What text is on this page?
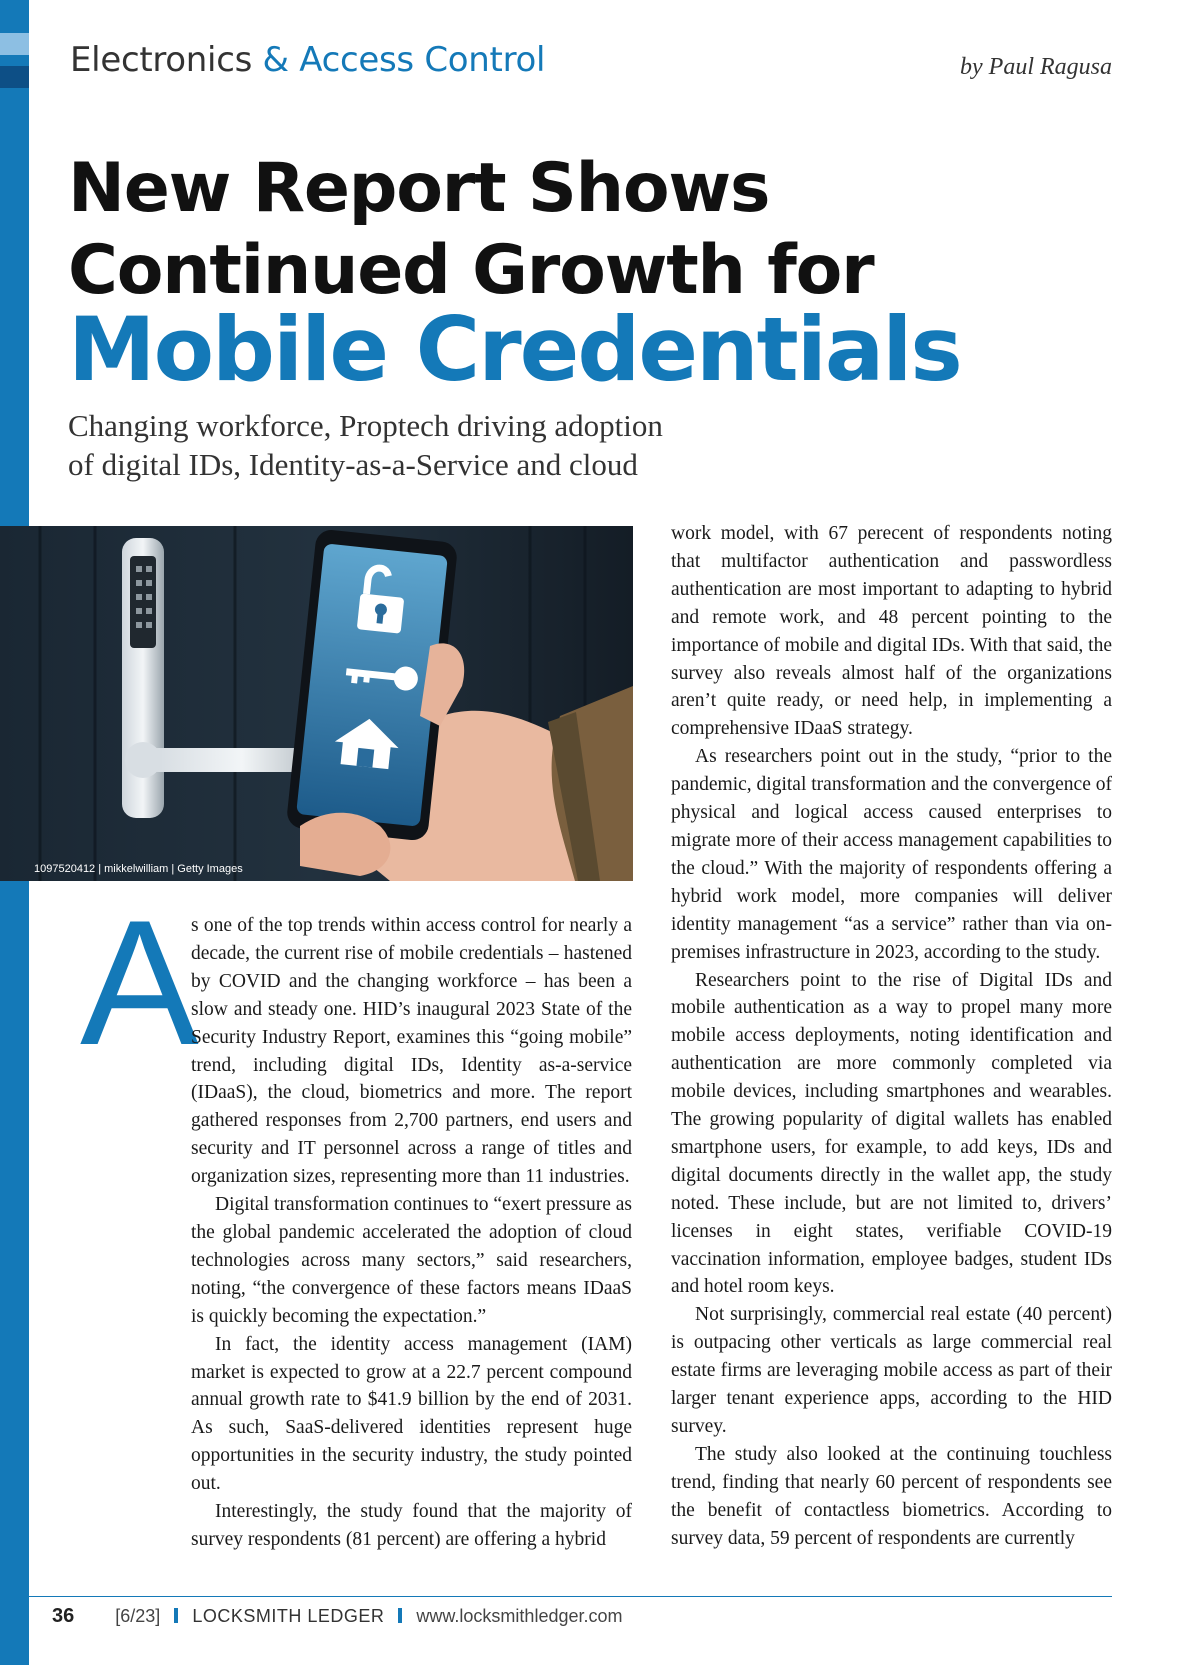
Electronics & Access Control	by Paul Ragusa
New Report Shows
Continued Growth for
Mobile Credentials

Changing workforce, Proptech driving adoption of digital IDs, Identity-as-a-Service and cloud

1097520412 | mikkelwilliam | Getty Images
A

s one of the top trends within access control for nearly a decade, the current rise of mobile credentials – hastened by COVID and the changing workforce – has been a slow and steady one. HID’s inaugural 2023 State of the Security Industry Report, examines this “going mobile” trend, including digital IDs, Identity as-a-service (IDaaS), the cloud, biometrics and more. The report gathered responses from 2,700 partners, end users and security and IT personnel across a range of titles and organization sizes, representing more than 11 industries.

Digital transformation continues to “exert pressure as the global pandemic accelerated the adoption of cloud technologies across many sectors,” said researchers, noting, “the convergence of these factors means IDaaS is quickly becoming the expectation.”

In fact, the identity access management (IAM) market is expected to grow at a 22.7 percent compound annual growth rate to $41.9 billion by the end of 2031. As such, SaaS-delivered identities represent huge opportunities in the security industry, the study pointed out.

Interestingly, the study found that the majority of survey respondents (81 percent) are offering a hybrid

work model, with 67 perecent of respondents noting that multifactor authentication and passwordless authentication are most important to adapting to hybrid and remote work, and 48 percent pointing to the importance of mobile and digital IDs. With that said, the survey also reveals almost half of the organizations aren’t quite ready, or need help, in implementing a comprehensive IDaaS strategy.

As researchers point out in the study, “prior to the pandemic, digital transformation and the convergence of physical and logical access caused enterprises to migrate more of their access management capabilities to the cloud.” With the majority of respondents offering a hybrid work model, more companies will deliver identity management “as a service” rather than via on-premises infrastructure in 2023, according to the study.

Researchers point to the rise of Digital IDs and mobile authentication as a way to propel many more mobile access deployments, noting identification and authentication are more commonly completed via mobile devices, including smartphones and wearables. The growing popularity of digital wallets has enabled smartphone users, for example, to add keys, IDs and digital documents directly in the wallet app, the study noted. These include, but are not limited to, drivers’ licenses in eight states, verifiable COVID-19 vaccination information, employee badges, student IDs and hotel room keys.

Not surprisingly, commercial real estate (40 percent) is outpacing other verticals as large commercial real estate firms are leveraging mobile access as part of their larger tenant experience apps, according to the HID survey.

The study also looked at the continuing touchless trend, finding that nearly 60 percent of respondents see the benefit of contactless biometrics. According to survey data, 59 percent of respondents are currently

36 [6/23] LOCKSMITH LEDGER www.locksmithledger.com
